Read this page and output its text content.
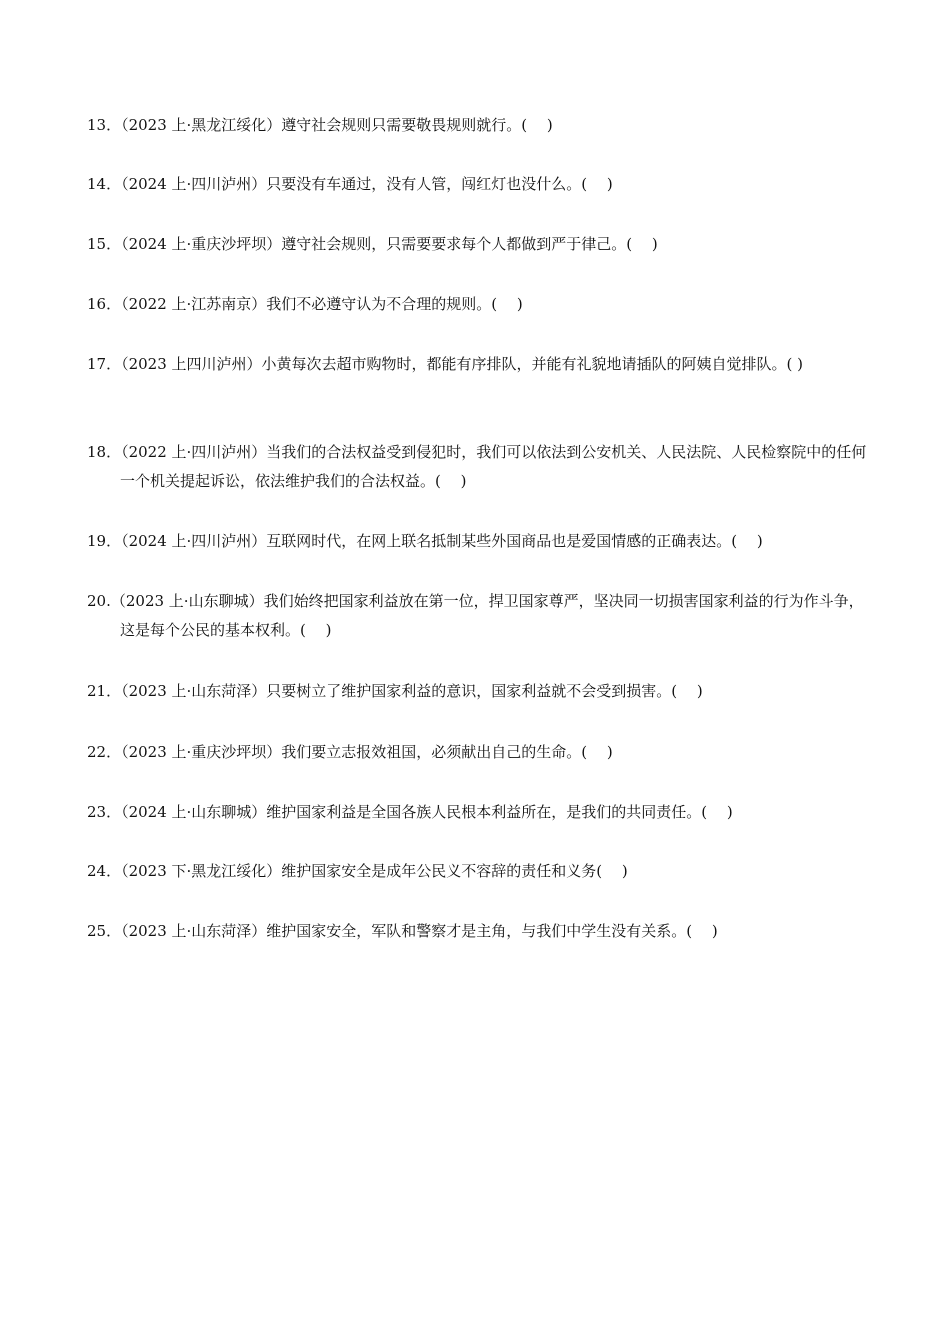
13．（2023 上·黑龙江绥化）遵守社会规则只需要敬畏规则就行。(　 )
14．（2024 上·四川泸州）只要没有车通过，没有人管，闯红灯也没什么。(　 )
15．（2024 上·重庆沙坪坝）遵守社会规则，只需要要求每个人都做到严于律己。(　 )
16．（2022 上·江苏南京）我们不必遵守认为不合理的规则。(　 )
17．（2023 上四川泸州）小黄每次去超市购物时，都能有序排队，并能有礼貌地请插队的阿姨自觉排队。( )
18．（2022 上·四川泸州）当我们的合法权益受到侵犯时，我们可以依法到公安机关、人民法院、人民检察院中的任何一个机关提起诉讼，依法维护我们的合法权益。(　 )
19．（2024 上·四川泸州）互联网时代，在网上联名抵制某些外国商品也是爱国情感的正确表达。(　 )
20.（2023 上·山东聊城）我们始终把国家利益放在第一位，捍卫国家尊严，坚决同一切损害国家利益的行为作斗争，这是每个公民的基本权利。(　 )
21．（2023 上·山东菏泽）只要树立了维护国家利益的意识，国家利益就不会受到损害。(　 )
22．（2023 上·重庆沙坪坝）我们要立志报效祖国，必须献出自己的生命。(　 )
23．（2024 上·山东聊城）维护国家利益是全国各族人民根本利益所在，是我们的共同责任。(　 )
24．（2023 下·黑龙江绥化）维护国家安全是成年公民义不容辞的责任和义务(　 )
25．（2023 上·山东菏泽）维护国家安全，军队和警察才是主角，与我们中学生没有关系。(　 )
